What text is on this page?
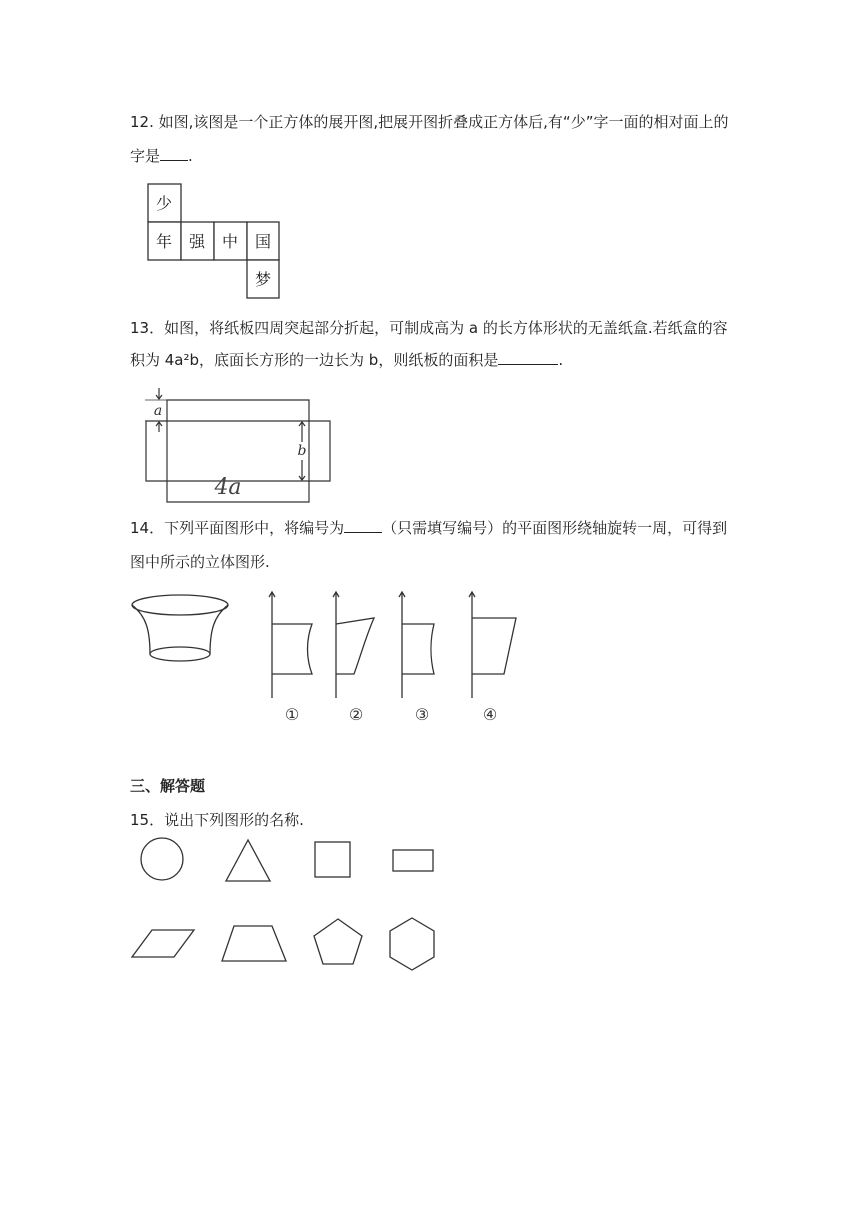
12. 如图,该图是一个正方体的展开图,把展开图折叠成正方体后,有“少”字一面的相对面上的
字是 .
少
年 强 中 国
梦
13．如图，将纸板四周突起部分折起，可制成高为 a 的长方体形状的无盖纸盒.若纸盒的容
积为 4a²b，底面长方形的一边长为 b，则纸板的面积是	.
a
b
4a
14．下列平面图形中，将编号为	（只需填写编号）的平面图形绕轴旋转一周，可得到
图中所示的立体图形.
①	②	③	④
三、解答题
15．说出下列图形的名称.
